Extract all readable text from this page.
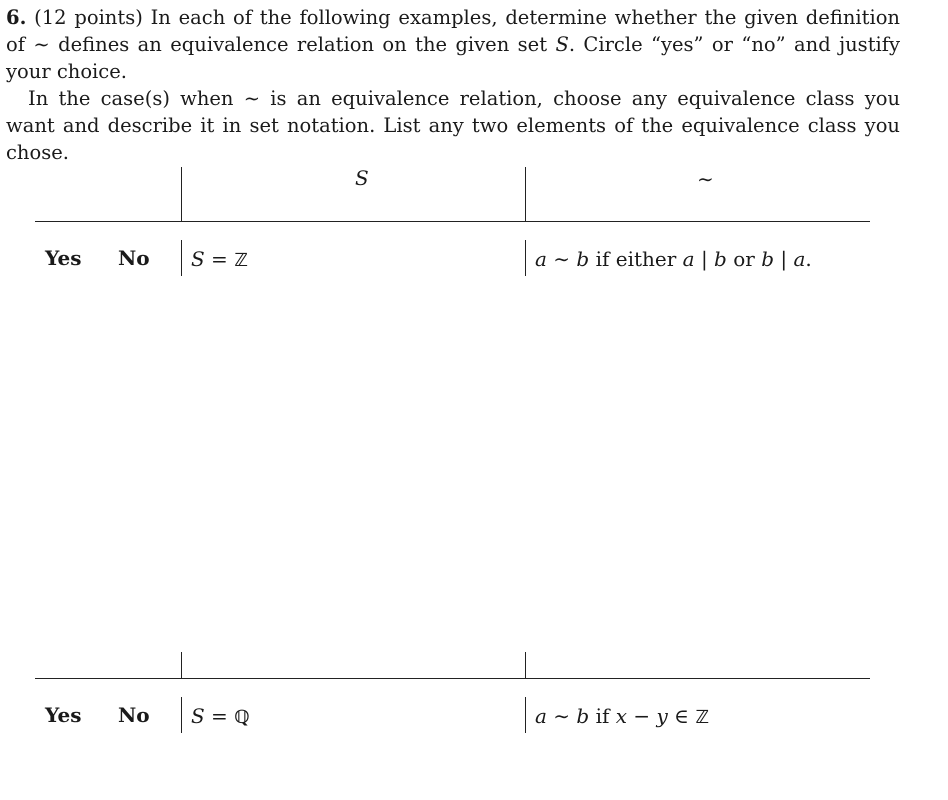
6. (12 points) In each of the following examples, determine whether the given definition of ∼ defines an equivalence relation on the given set S. Circle “yes” or “no” and justify your choice.

In the case(s) when ∼ is an equivalence relation, choose any equivalence class you want and describe it in set notation. List any two elements of the equivalence class you chose.

S	∼
Yes No S = ℤ	a ∼ b if either a | b or b | a.
Yes No S = ℚ	a ∼ b if x − y ∈ ℤ
